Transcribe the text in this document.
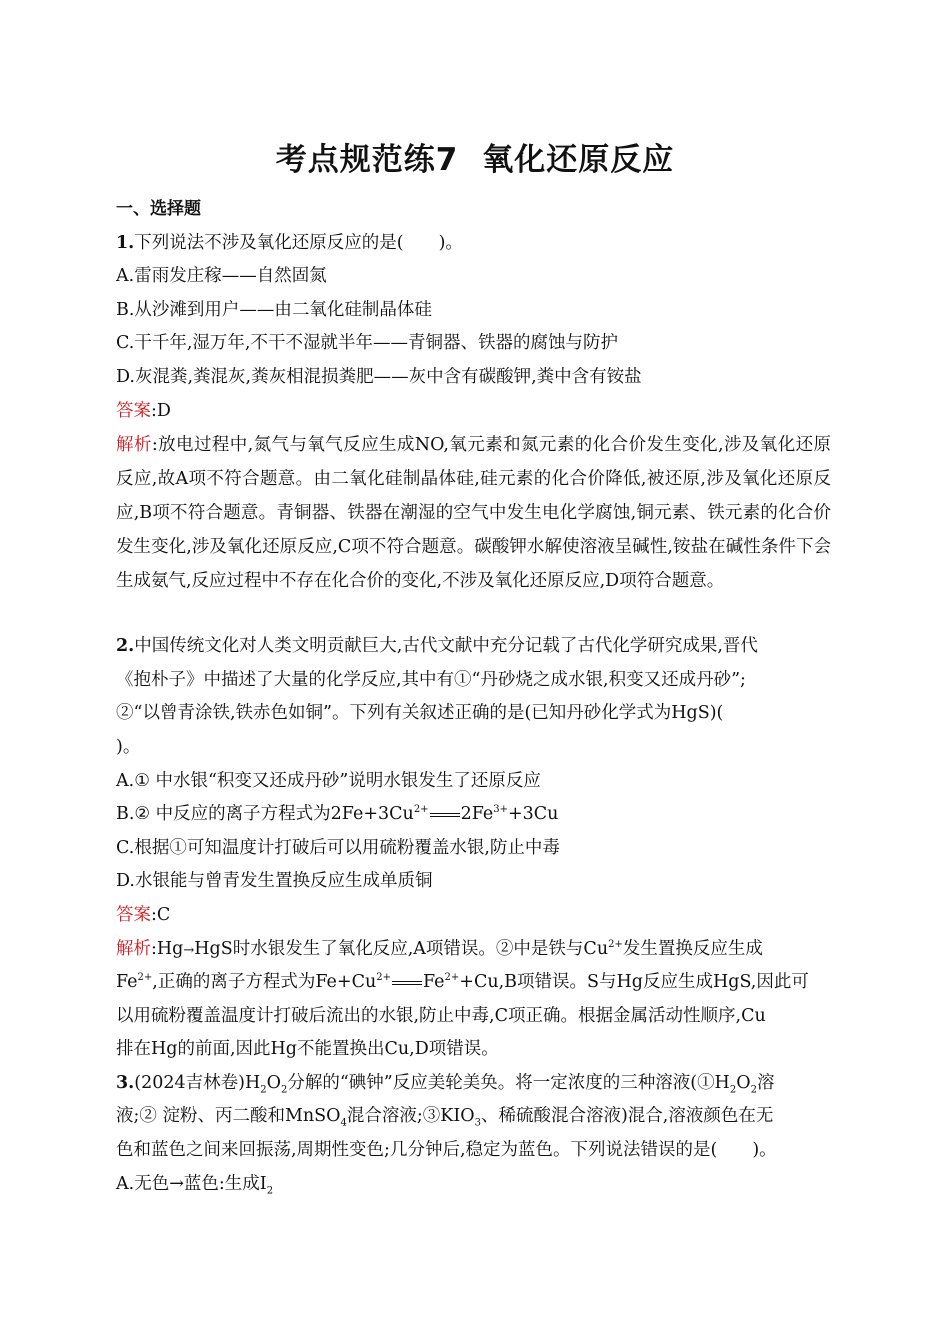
考点规范练7 氧化还原反应
一、选择题
1.下列说法不涉及氧化还原反应的是(　　)。
A.雷雨发庄稼——自然固氮
B.从沙滩到用户——由二氧化硅制晶体硅
C.干千年,湿万年,不干不湿就半年——青铜器、铁器的腐蚀与防护
D.灰混粪,粪混灰,粪灰相混损粪肥——灰中含有碳酸钾,粪中含有铵盐
答案:D
解析:放电过程中,氮气与氧气反应生成NO,氧元素和氮元素的化合价发生变化,涉及氧化还原反应,故A项不符合题意。由二氧化硅制晶体硅,硅元素的化合价降低,被还原,涉及氧化还原反应,B项不符合题意。青铜器、铁器在潮湿的空气中发生电化学腐蚀,铜元素、铁元素的化合价发生变化,涉及氧化还原反应,C项不符合题意。碳酸钾水解使溶液呈碱性,铵盐在碱性条件下会生成氨气,反应过程中不存在化合价的变化,不涉及氧化还原反应,D项符合题意。
2.中国传统文化对人类文明贡献巨大,古代文献中充分记载了古代化学研究成果,晋代
《抱朴子》中描述了大量的化学反应,其中有①“丹砂烧之成水银,积变又还成丹砂”;
②“以曾青涂铁,铁赤色如铜”。下列有关叙述正确的是(已知丹砂化学式为HgS)(
)。
A.① 中水银“积变又还成丹砂”说明水银发生了还原反应
B.② 中反应的离子方程式为$2Fe+3Cu^{2+}$ $2Fe^{3+}+3Cu$
C.根据①可知温度计打破后可以用硫粉覆盖水银,防止中毒
D.水银能与曾青发生置换反应生成单质铜
答案:C
解析:Hg→HgS时水银发生了氧化反应,A项错误。②中是铁与$Cu^{2+}$发生置换反应生成
$Fe^{2+}$,正确的离子方程式为$Fe+Cu^{2+}$ $Fe^{2+}+Cu,B$项错误。S与Hg反应生成HgS,因此可
以用硫粉覆盖温度计打破后流出的水银,防止中毒,C项正确。根据金属活动性顺序,Cu
排在Hg的前面,因此Hg不能置换出Cu,D项错误。
3.(2024吉林卷)$H_2O_2$分解的“碘钟”反应美轮美奂。将一定浓度的三种溶液($①H_2O_2$溶
液;② 淀粉、丙二酸和MnSO$_4$混合溶液$;③KIO_3$、稀硫酸混合溶液)混合,溶液颜色在无
色和蓝色之间来回振荡,周期性变色;几分钟后,稳定为蓝色。下列说法错误的是(　　)。
A.无色→蓝色:生成$I_2$
